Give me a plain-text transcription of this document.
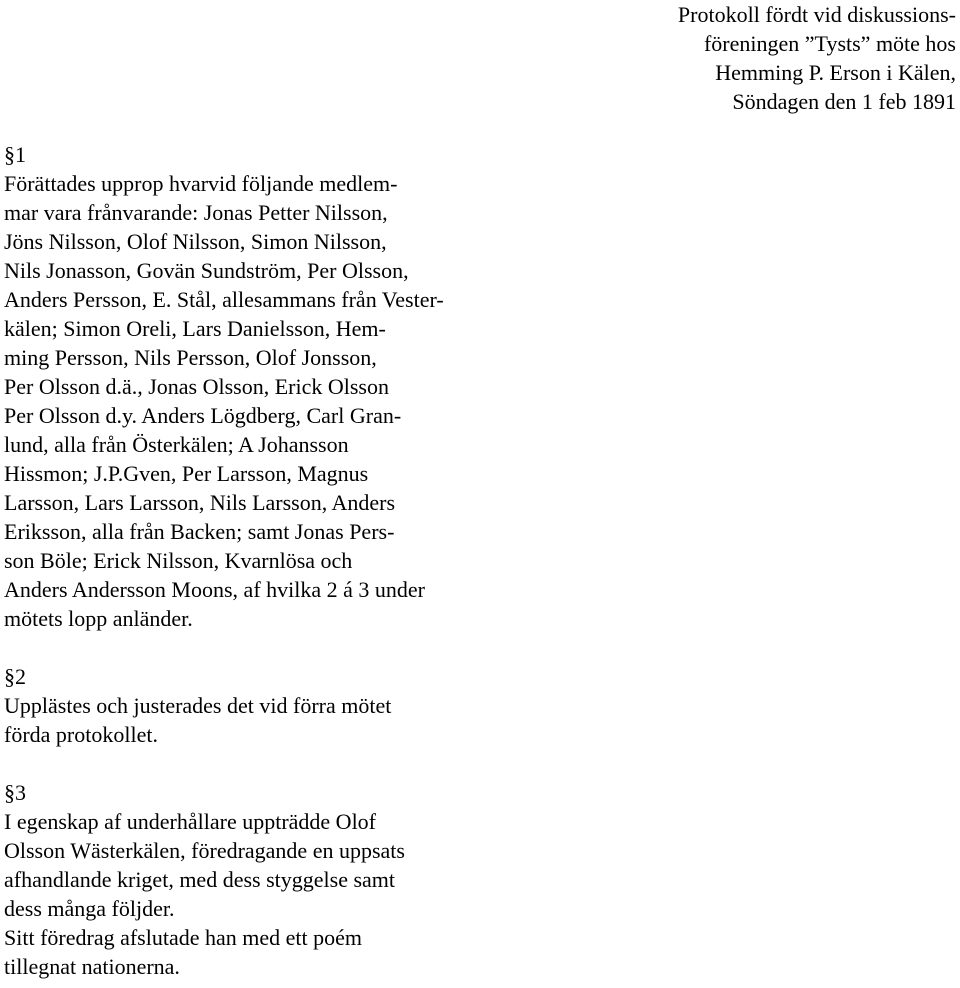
Protokoll fördt vid diskussions-
föreningen ”Tysts” möte hos
Hemming P. Erson i Kälen,
Söndagen den 1 feb 1891
§1
Förättades upprop hvarvid följande medlem-
mar vara frånvarande: Jonas Petter Nilsson,
Jöns Nilsson, Olof Nilsson, Simon Nilsson,
Nils Jonasson, Govän Sundström, Per Olsson,
Anders Persson, E. Stål, allesammans från Vester-
kälen; Simon Oreli, Lars Danielsson, Hem-
ming Persson, Nils Persson, Olof Jonsson,
Per Olsson d.ä., Jonas Olsson, Erick Olsson
Per Olsson d.y. Anders Lögdberg, Carl Gran-
lund, alla från Österkälen; A Johansson
Hissmon; J.P.Gven, Per Larsson, Magnus
Larsson, Lars Larsson, Nils Larsson, Anders
Eriksson, alla från Backen; samt Jonas Pers-
son Böle; Erick Nilsson, Kvarnlösa och
Anders Andersson Moons, af hvilka 2 á 3 under
mötets lopp anländer.
§2
Upplästes och justerades det vid förra mötet
förda protokollet.
§3
I egenskap af underhållare uppträdde Olof
Olsson Wästerkälen, föredragande en uppsats
afhandlande kriget, med dess styggelse samt
dess många följder.
Sitt föredrag afslutade han med ett poém
tillegnat nationerna.
